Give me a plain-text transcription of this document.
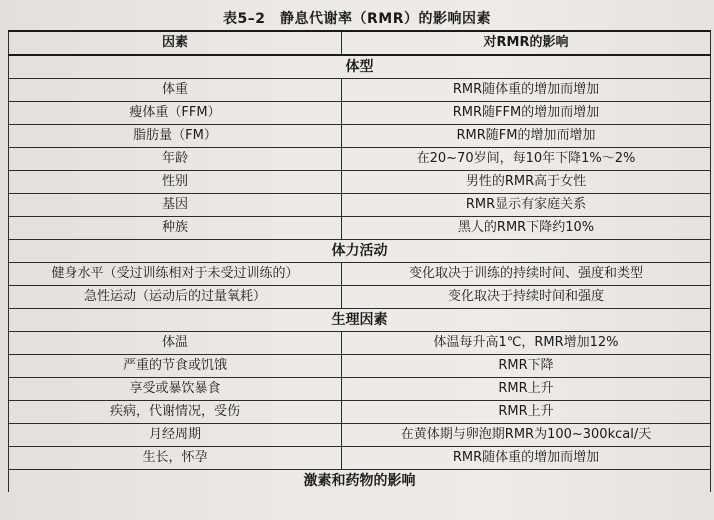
表5–2　静息代谢率（RMR）的影响因素
因素	对RMR的影响
体型	
体重	RMR随体重的增加而增加
瘦体重（FFM）	RMR随FFM的增加而增加
脂肪量（FM）	RMR随FM的增加而增加
年龄	在20~70岁间，每10年下降1%～2%
性别	男性的RMR高于女性
基因	RMR显示有家庭关系
种族	黑人的RMR下降约10%
体力活动	
健身水平（受过训练相对于未受过训练的）	变化取决于训练的持续时间、强度和类型
急性运动（运动后的过量氧耗）	变化取决于持续时间和强度
生理因素	
体温	体温每升高1℃，RMR增加12%
严重的节食或饥饿	RMR下降
享受或暴饮暴食	RMR上升
疾病，代谢情况，受伤	RMR上升
月经周期	在黄体期与卵泡期RMR为100~300kcal/天
生长，怀孕	RMR随体重的增加而增加
激素和药物的影响	
